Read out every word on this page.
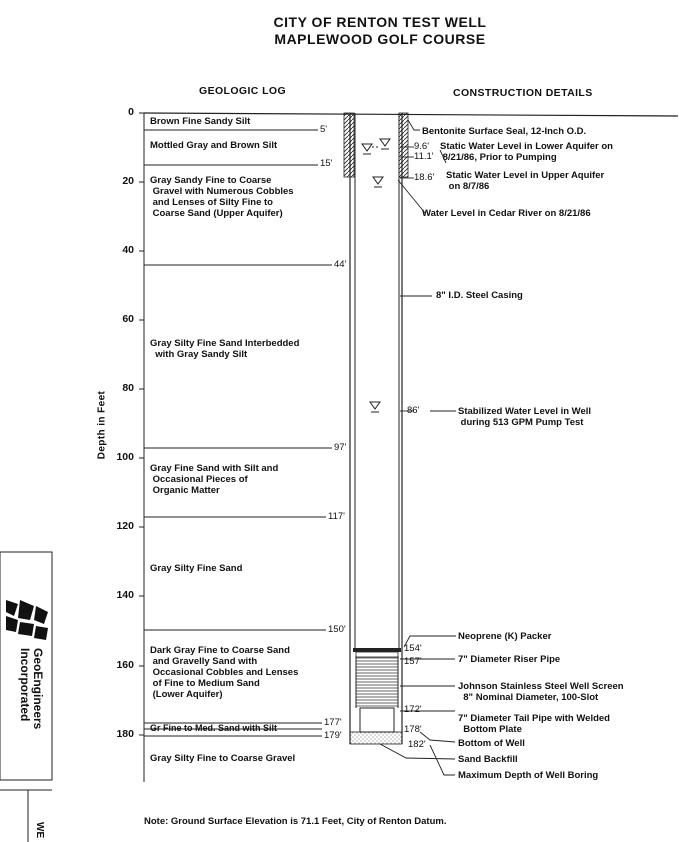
CITY OF RENTON TEST WELL
MAPLEWOOD GOLF COURSE
GEOLOGIC LOG	CONSTRUCTION DETAILS
Depth in Feet
0
20
40
60
80
100
120
140
160
180
Brown Fine Sandy Silt
Mottled Gray and Brown Silt
Gray Sandy Fine to Coarse
Gravel with Numerous Cobbles
and Lenses of Silty Fine to
Coarse Sand (Upper Aquifer)
Gray Silty Fine Sand Interbedded
with Gray Sandy Silt
Gray Fine Sand with Silt and
Occasional Pieces of
Organic Matter
Gray Silty Fine Sand
Dark Gray Fine to Coarse Sand
and Gravelly Sand with
Occasional Cobbles and Lenses
of Fine to Medium Sand
(Lower Aquifer)
Gr Fine to Med. Sand with Silt
Gray Silty Fine to Coarse Gravel
5'
15'
44'
97'
117'
150'
177'
179'
9.6'
11.1'
18.6'
86'
154'
157'
172'
178'
182'
Bentonite Surface Seal, 12-Inch O.D.
Static Water Level in Lower Aquifer on
8/21/86, Prior to Pumping
Static Water Level in Upper Aquifer
on 8/7/86
Water Level in Cedar River on 8/21/86
8" I.D. Steel Casing
Stabilized Water Level in Well
during 513 GPM Pump Test
Neoprene (K) Packer
7" Diameter Riser Pipe
Johnson Stainless Steel Well Screen
8" Nominal Diameter, 100-Slot
7" Diameter Tail Pipe with Welded
Bottom Plate
Bottom of Well
Sand Backfill
Maximum Depth of Well Boring
Note: Ground Surface Elevation is 71.1 Feet, City of Renton Datum.
GeoEngineers
Incorporated
WE
